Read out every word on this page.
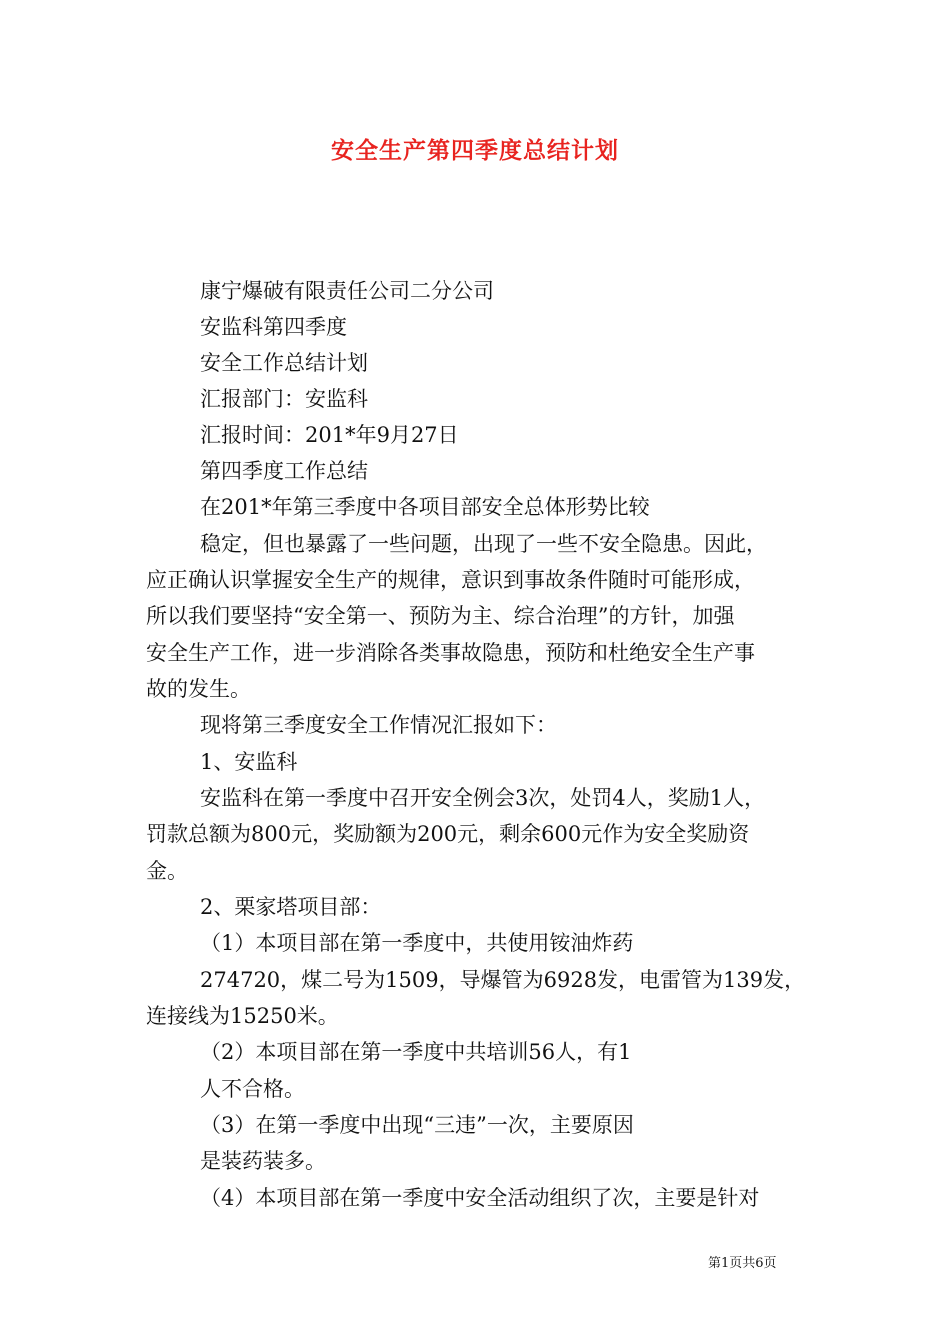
安全生产第四季度总结计划
康宁爆破有限责任公司二分公司
安监科第四季度
安全工作总结计划
汇报部门：安监科
汇报时间：201*年9月27日
第四季度工作总结
在201*年第三季度中各项目部安全总体形势比较
稳定，但也暴露了一些问题，出现了一些不安全隐患。因此，
应正确认识掌握安全生产的规律，意识到事故条件随时可能形成，
所以我们要坚持“安全第一、预防为主、综合治理”的方针，加强
安全生产工作，进一步消除各类事故隐患，预防和杜绝安全生产事
故的发生。
现将第三季度安全工作情况汇报如下：
1、安监科
安监科在第一季度中召开安全例会3次，处罚4人，奖励1人，
罚款总额为800元，奖励额为200元，剩余600元作为安全奖励资
金。
2、栗家塔项目部：
（1）本项目部在第一季度中，共使用铵油炸药
274720，煤二号为1509，导爆管为6928发，电雷管为139发，
连接线为15250米。
（2）本项目部在第一季度中共培训56人，有1
人不合格。
（3）在第一季度中出现“三违”一次，主要原因
是装药装多。
（4）本项目部在第一季度中安全活动组织了次，主要是针对
第1页共6页
